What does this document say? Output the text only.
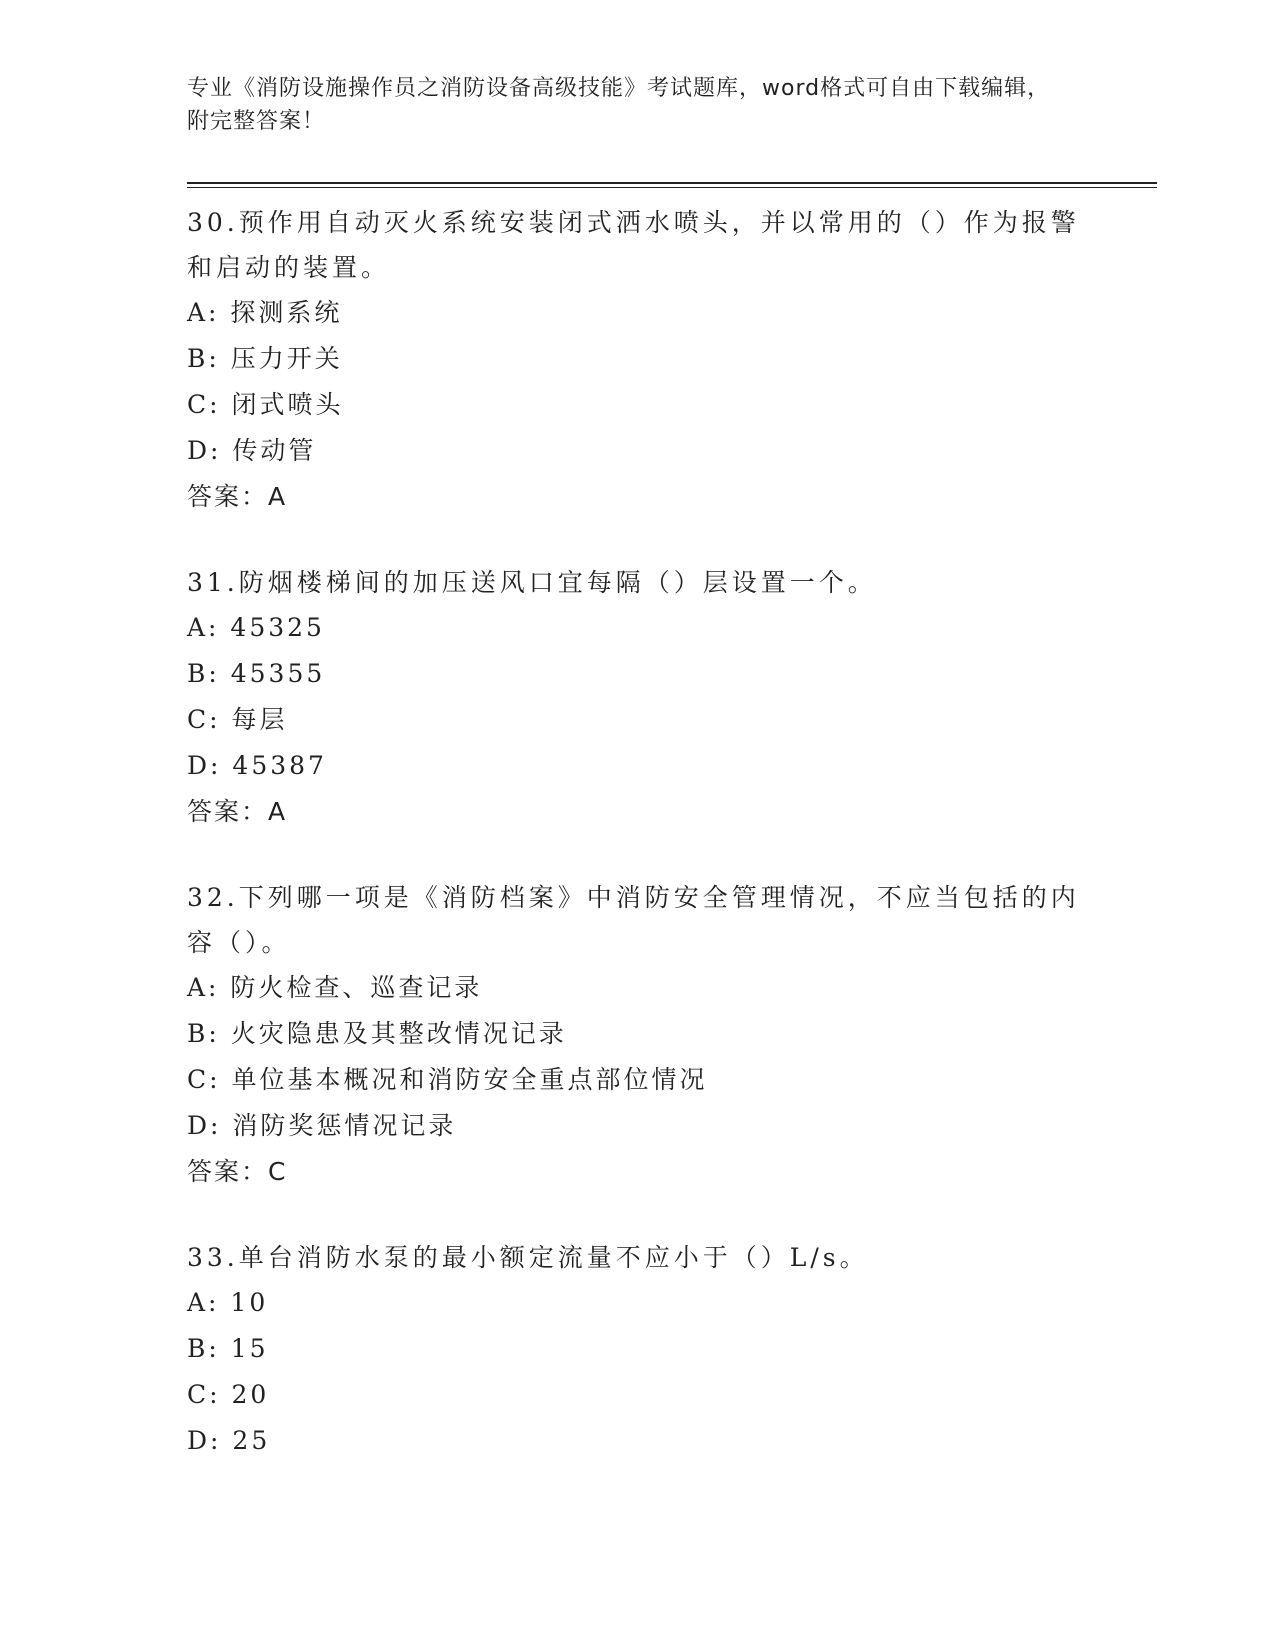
专业《消防设施操作员之消防设备高级技能》考试题库，word格式可自由下载编辑，附完整答案！

30.预作用自动灭火系统安装闭式洒水喷头，并以常用的（）作为报警和启动的装置。

A: 探测系统

B: 压力开关

C: 闭式喷头

D: 传动管

答案：A

31.防烟楼梯间的加压送风口宜每隔（）层设置一个。

A: 45325

B: 45355

C: 每层

D: 45387

答案：A

32.下列哪一项是《消防档案》中消防安全管理情况，不应当包括的内容（）。

A: 防火检查、巡查记录

B: 火灾隐患及其整改情况记录

C: 单位基本概况和消防安全重点部位情况

D: 消防奖惩情况记录

答案：C

33.单台消防水泵的最小额定流量不应小于（）L/s。

A: 10

B: 15

C: 20

D: 25
